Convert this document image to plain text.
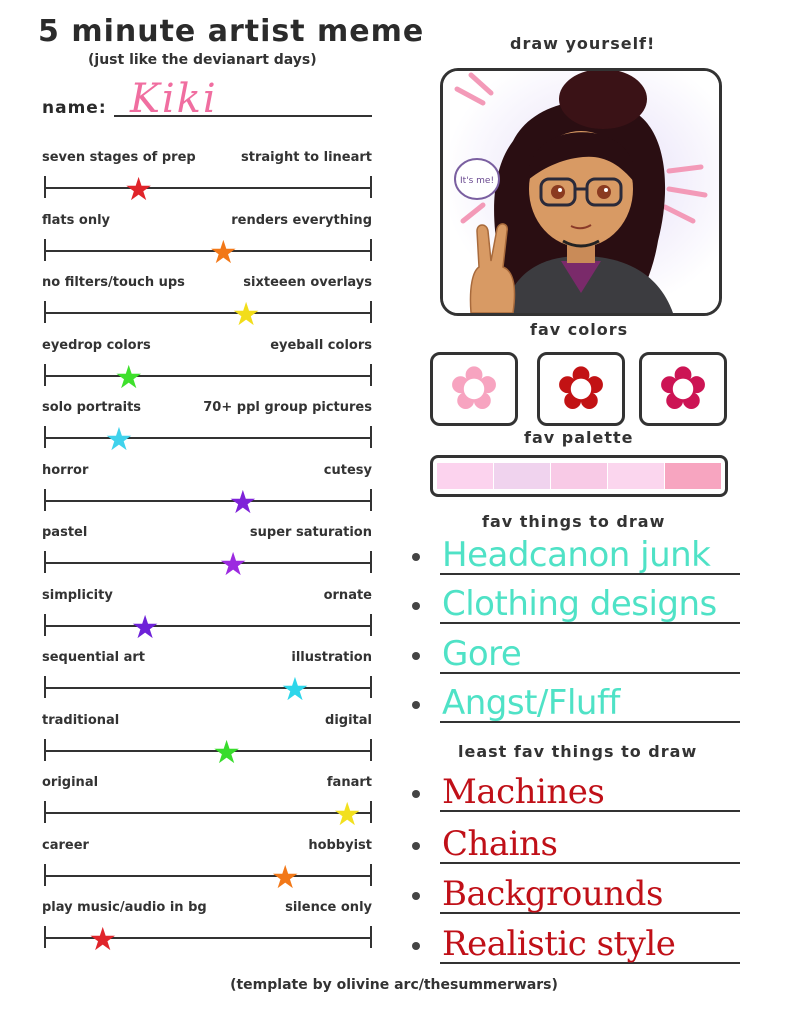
5 minute artist meme
(just like the devianart days)
name: Kiki
seven stages of prep	straight to lineart
★
flats only	renders everything
★
no filters/touch ups	sixteeen overlays
★
eyedrop colors	eyeball colors
★
solo portraits	70+ ppl group pictures
★
horror	cutesy
★
pastel	super saturation
★
simplicity	ornate
★
sequential art	illustration
★
traditional	digital
★
original	fanart
★
career	hobbyist
★
play music/audio in bg	silence only
★
draw yourself!
It's me!
fav colors
✿ ✿ ✿
fav palette
fav things to draw
Headcanon junk
Clothing designs
Gore
Angst/Fluff
least fav things to draw
Machines
Chains
Backgrounds
Realistic style
(template by olivine arc/thesummerwars)
